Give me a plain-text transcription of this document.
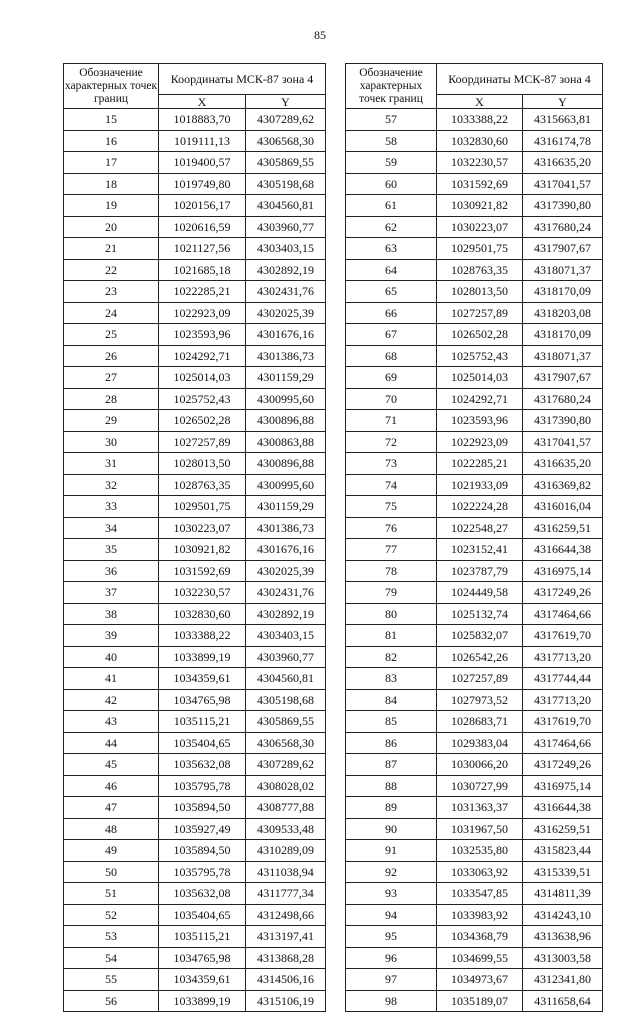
85
Обозначение характерных точек границ	Координаты МСК-87 зона 4	
	X	Y
15	1018883,70	4307289,62
16	1019111,13	4306568,30
17	1019400,57	4305869,55
18	1019749,80	4305198,68
19	1020156,17	4304560,81
20	1020616,59	4303960,77
21	1021127,56	4303403,15
22	1021685,18	4302892,19
23	1022285,21	4302431,76
24	1022923,09	4302025,39
25	1023593,96	4301676,16
26	1024292,71	4301386,73
27	1025014,03	4301159,29
28	1025752,43	4300995,60
29	1026502,28	4300896,88
30	1027257,89	4300863,88
31	1028013,50	4300896,88
32	1028763,35	4300995,60
33	1029501,75	4301159,29
34	1030223,07	4301386,73
35	1030921,82	4301676,16
36	1031592,69	4302025,39
37	1032230,57	4302431,76
38	1032830,60	4302892,19
39	1033388,22	4303403,15
40	1033899,19	4303960,77
41	1034359,61	4304560,81
42	1034765,98	4305198,68
43	1035115,21	4305869,55
44	1035404,65	4306568,30
45	1035632,08	4307289,62
46	1035795,78	4308028,02
47	1035894,50	4308777,88
48	1035927,49	4309533,48
49	1035894,50	4310289,09
50	1035795,78	4311038,94
51	1035632,08	4311777,34
52	1035404,65	4312498,66
53	1035115,21	4313197,41
54	1034765,98	4313868,28
55	1034359,61	4314506,16
56	1033899,19	4315106,19
Обозначение характерных точек границ	Координаты МСК-87 зона 4	
	X	Y
57	1033388,22	4315663,81
58	1032830,60	4316174,78
59	1032230,57	4316635,20
60	1031592,69	4317041,57
61	1030921,82	4317390,80
62	1030223,07	4317680,24
63	1029501,75	4317907,67
64	1028763,35	4318071,37
65	1028013,50	4318170,09
66	1027257,89	4318203,08
67	1026502,28	4318170,09
68	1025752,43	4318071,37
69	1025014,03	4317907,67
70	1024292,71	4317680,24
71	1023593,96	4317390,80
72	1022923,09	4317041,57
73	1022285,21	4316635,20
74	1021933,09	4316369,82
75	1022224,28	4316016,04
76	1022548,27	4316259,51
77	1023152,41	4316644,38
78	1023787,79	4316975,14
79	1024449,58	4317249,26
80	1025132,74	4317464,66
81	1025832,07	4317619,70
82	1026542,26	4317713,20
83	1027257,89	4317744,44
84	1027973,52	4317713,20
85	1028683,71	4317619,70
86	1029383,04	4317464,66
87	1030066,20	4317249,26
88	1030727,99	4316975,14
89	1031363,37	4316644,38
90	1031967,50	4316259,51
91	1032535,80	4315823,44
92	1033063,92	4315339,51
93	1033547,85	4314811,39
94	1033983,92	4314243,10
95	1034368,79	4313638,96
96	1034699,55	4313003,58
97	1034973,67	4312341,80
98	1035189,07	4311658,64
